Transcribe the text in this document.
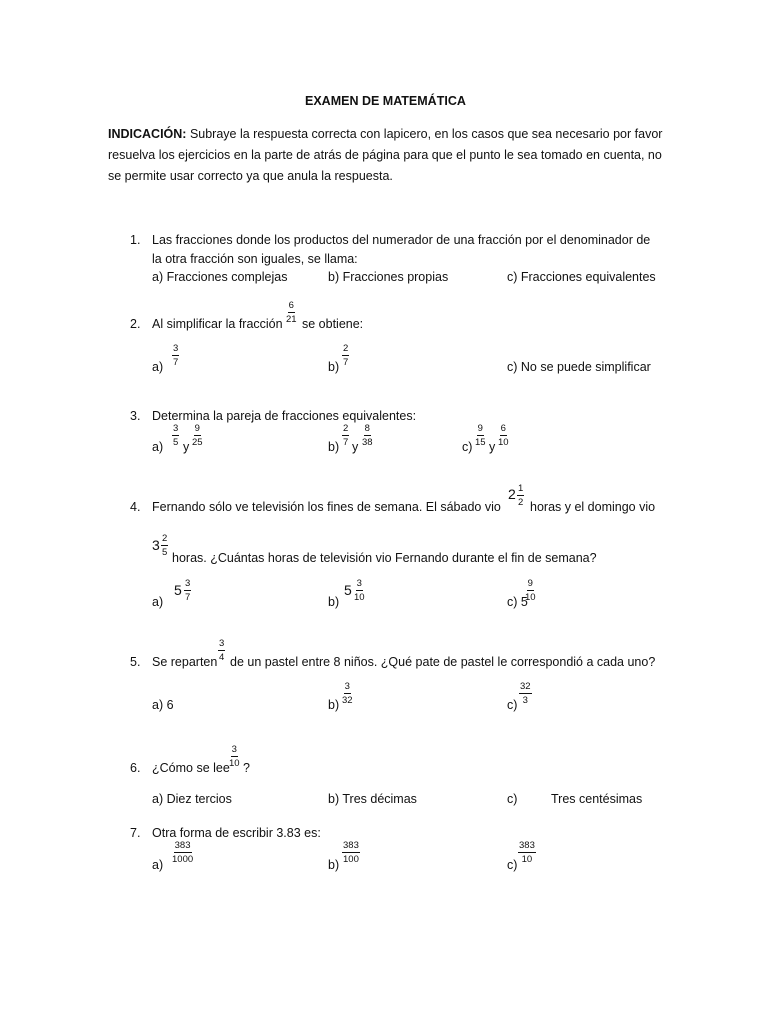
EXAMEN DE MATEMÁTICA
INDICACIÓN: Subraye la respuesta correcta con lapicero, en los casos que sea necesario por favor resuelva los ejercicios en la parte de atrás de página para que el punto le sea tomado en cuenta, no se permite usar correcto ya que anula la respuesta.
1. Las fracciones donde los productos del numerador de una fracción por el denominador de
la otra fracción son iguales, se llama:
a) Fracciones complejas	b) Fracciones propias	c) Fracciones equivalentes
2. Al simplificar la fracción $\frac{6}{21}$ se obtiene:
$a) \frac{3}{7}$	$b) \frac{2}{7}$	c) No se puede simplificar
3. Determina la pareja de fracciones equivalentes:
$a) \frac{3}{5}$ y $\frac{9}{25}$	$b) \frac{2}{7}$ y $\frac{8}{38}$	$c) \frac{9}{15}$ y $\frac{6}{10}$
4. Fernando sólo ve televisión los fines de semana. El sábado vio
$2 \frac{1}{2}$ horas y el domingo vio
$3 \frac{2}{5}$ horas. ¿Cuántas horas de televisión vio Fernando durante el fin de semana?
a)
$5 \frac{3}{7}$	b)
$5 \frac{3}{10}$	c) 5
$\frac{9}{10}$
5. Se reparten $\frac{3}{4}$ de un pastel entre 8 niños. ¿Qué pate de pastel le correspondió a cada uno?
a) 6	$b) \frac{3}{32}$	$c) \frac{32}{3}$
6. ¿Cómo se lee $\frac{3}{10}$ ?
a) Diez tercios	b) Tres décimas	c)	Tres centésimas
7. Otra forma de escribir 3.83 es:
$a) \frac{383}{1000}$	$b) \frac{383}{100}$	$c) \frac{383}{10}$
